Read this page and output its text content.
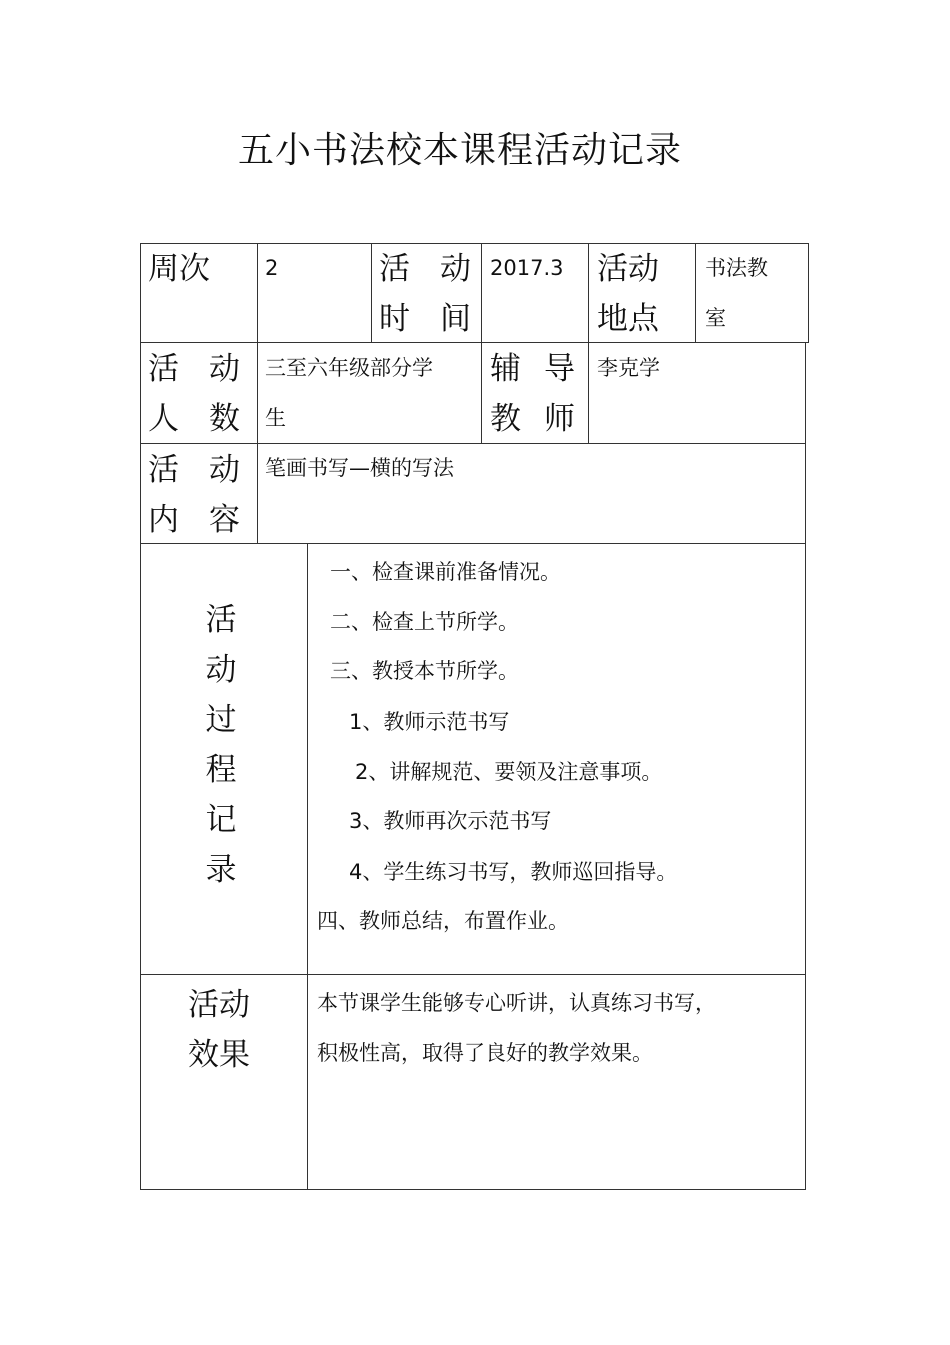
五小书法校本课程活动记录
周次	2	活 动
时 间
2017.3 活动
地点
书法教
室
活 动
人 数
三至六年级部分学
生
辅 导
教 师
李克学
活 动
内 容
笔画书写—横的写法
活
动
过
程
记
录
一、检查课前准备情况。
二、检查上节所学。
三、教授本节所学。
1、教师示范书写
2、讲解规范、要领及注意事项。
3、教师再次示范书写
4、学生练习书写，教师巡回指导。
四、教师总结，布置作业。
活动
效果
本节课学生能够专心听讲，认真练习书写，
积极性高，取得了良好的教学效果。
